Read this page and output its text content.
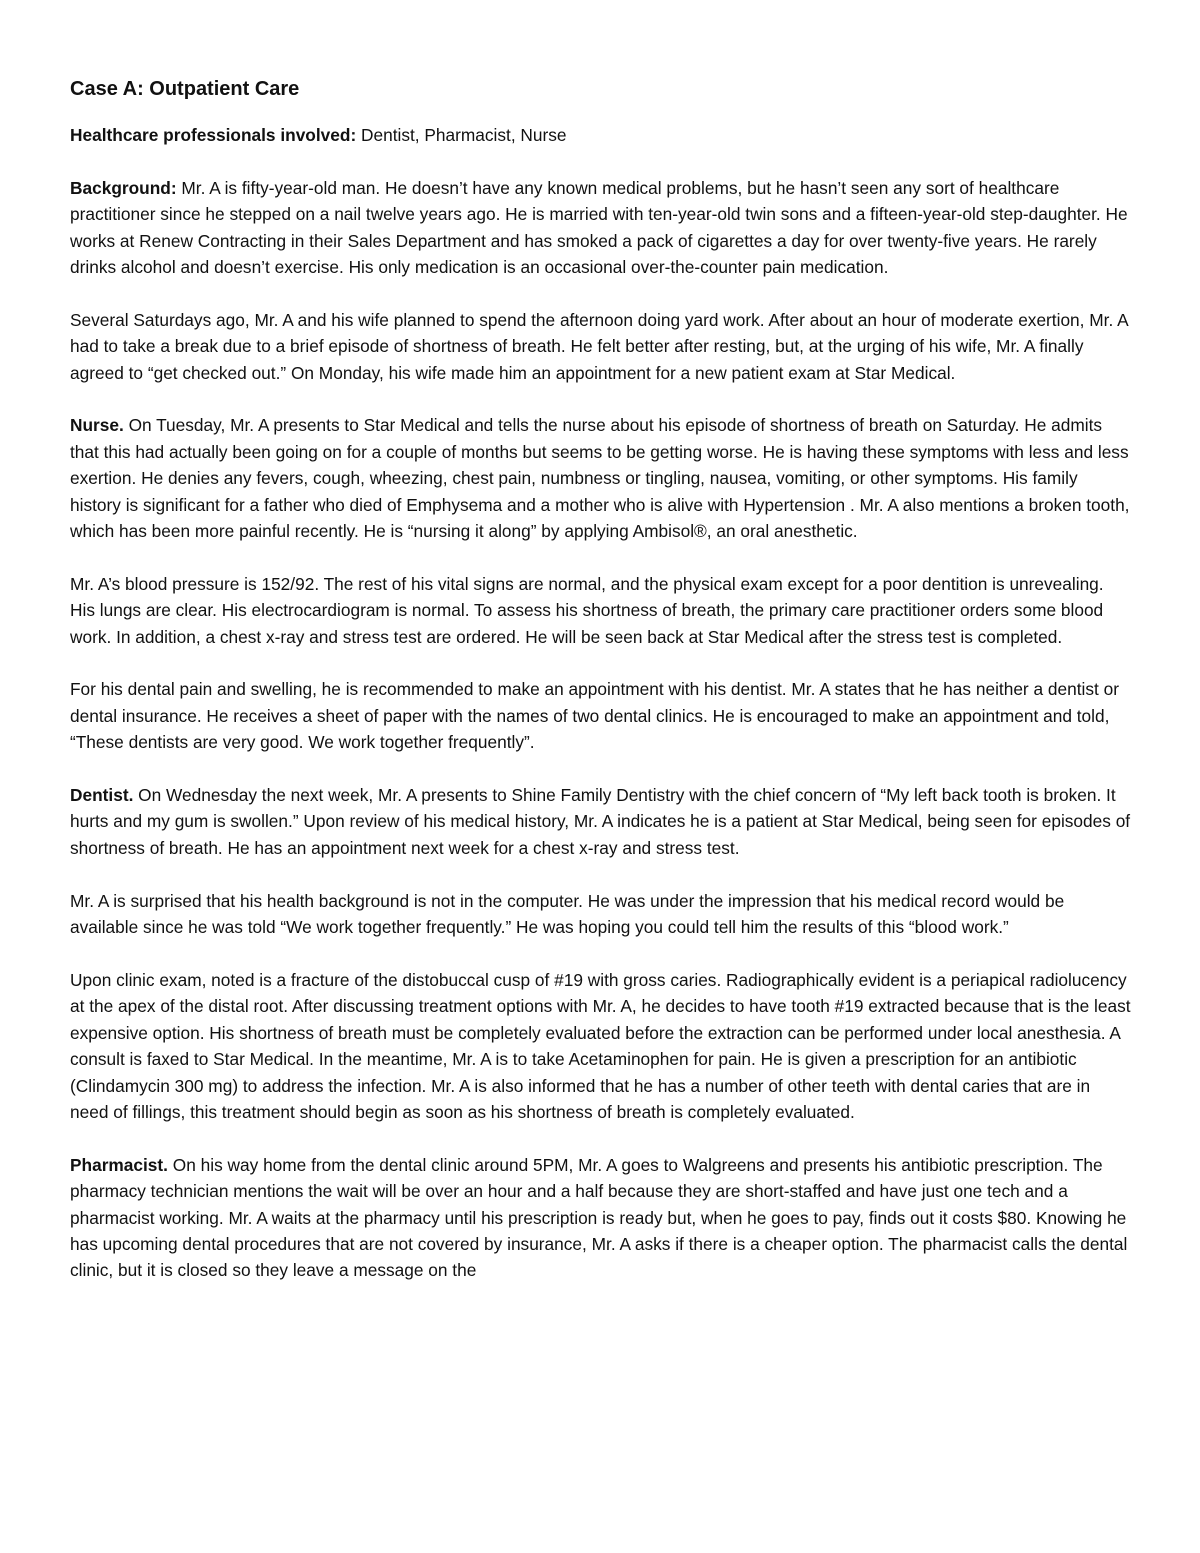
Case A: Outpatient Care

Healthcare professionals involved: Dentist, Pharmacist, Nurse

Background: Mr. A is fifty-year-old man. He doesn’t have any known medical problems, but he hasn’t seen any sort of healthcare practitioner since he stepped on a nail twelve years ago. He is married with ten-year-old twin sons and a fifteen-year-old step-daughter. He works at Renew Contracting in their Sales Department and has smoked a pack of cigarettes a day for over twenty-five years. He rarely drinks alcohol and doesn’t exercise. His only medication is an occasional over-the-counter pain medication.

Several Saturdays ago, Mr. A and his wife planned to spend the afternoon doing yard work. After about an hour of moderate exertion, Mr. A had to take a break due to a brief episode of shortness of breath. He felt better after resting, but, at the urging of his wife, Mr. A finally agreed to “get checked out.” On Monday, his wife made him an appointment for a new patient exam at Star Medical.

Nurse. On Tuesday, Mr. A presents to Star Medical and tells the nurse about his episode of shortness of breath on Saturday. He admits that this had actually been going on for a couple of months but seems to be getting worse. He is having these symptoms with less and less exertion. He denies any fevers, cough, wheezing, chest pain, numbness or tingling, nausea, vomiting, or other symptoms. His family history is significant for a father who died of Emphysema and a mother who is alive with Hypertension . Mr. A also mentions a broken tooth, which has been more painful recently. He is “nursing it along” by applying Ambisol®, an oral anesthetic.

Mr. A’s blood pressure is 152/92. The rest of his vital signs are normal, and the physical exam except for a poor dentition is unrevealing. His lungs are clear. His electrocardiogram is normal. To assess his shortness of breath, the primary care practitioner orders some blood work. In addition, a chest x-ray and stress test are ordered. He will be seen back at Star Medical after the stress test is completed.

For his dental pain and swelling, he is recommended to make an appointment with his dentist. Mr. A states that he has neither a dentist or dental insurance. He receives a sheet of paper with the names of two dental clinics. He is encouraged to make an appointment and told, “These dentists are very good. We work together frequently”.

Dentist. On Wednesday the next week, Mr. A presents to Shine Family Dentistry with the chief concern of “My left back tooth is broken. It hurts and my gum is swollen.” Upon review of his medical history, Mr. A indicates he is a patient at Star Medical, being seen for episodes of shortness of breath. He has an appointment next week for a chest x-ray and stress test.

Mr. A is surprised that his health background is not in the computer. He was under the impression that his medical record would be available since he was told “We work together frequently.” He was hoping you could tell him the results of this “blood work.”

Upon clinic exam, noted is a fracture of the distobuccal cusp of #19 with gross caries. Radiographically evident is a periapical radiolucency at the apex of the distal root. After discussing treatment options with Mr. A, he decides to have tooth #19 extracted because that is the least expensive option. His shortness of breath must be completely evaluated before the extraction can be performed under local anesthesia. A consult is faxed to Star Medical. In the meantime, Mr. A is to take Acetaminophen for pain. He is given a prescription for an antibiotic (Clindamycin 300 mg) to address the infection. Mr. A is also informed that he has a number of other teeth with dental caries that are in need of fillings, this treatment should begin as soon as his shortness of breath is completely evaluated.

Pharmacist. On his way home from the dental clinic around 5PM, Mr. A goes to Walgreens and presents his antibiotic prescription. The pharmacy technician mentions the wait will be over an hour and a half because they are short-staffed and have just one tech and a pharmacist working. Mr. A waits at the pharmacy until his prescription is ready but, when he goes to pay, finds out it costs $80. Knowing he has upcoming dental procedures that are not covered by insurance, Mr. A asks if there is a cheaper option. The pharmacist calls the dental clinic, but it is closed so they leave a message on the
